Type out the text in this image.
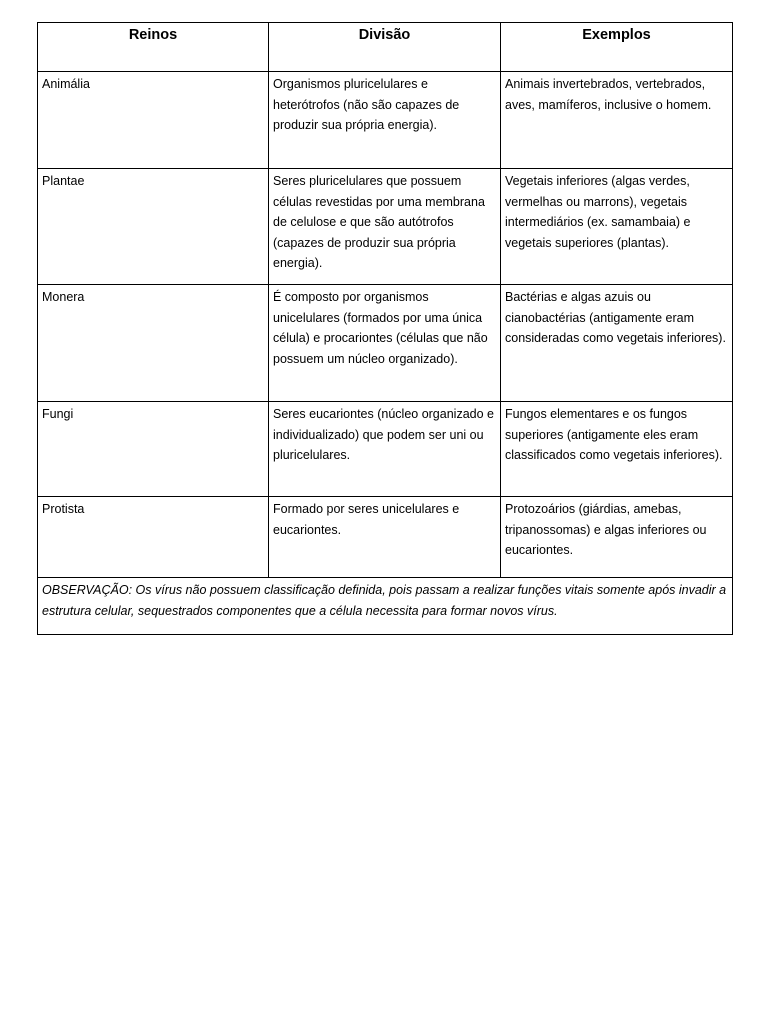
Reinos	Divisão	Exemplos
Animália	Organismos pluricelulares e heterótrofos (não são capazes de produzir sua própria energia).	Animais invertebrados, vertebrados, aves, mamíferos, inclusive o homem.
Plantae	Seres pluricelulares que possuem células revestidas por uma membrana de celulose e que são autótrofos (capazes de produzir sua própria energia).	Vegetais inferiores (algas verdes, vermelhas ou marrons), vegetais intermediários (ex. samambaia) e vegetais superiores (plantas).
Monera	É composto por organismos unicelulares (formados por uma única célula) e procariontes (células que não possuem um núcleo organizado).	Bactérias e algas azuis ou cianobactérias (antigamente eram consideradas como vegetais inferiores).
Fungi	Seres eucariontes (núcleo organizado e individualizado) que podem ser uni ou pluricelulares.	Fungos elementares e os fungos superiores (antigamente eles eram classificados como vegetais inferiores).
Protista	Formado por seres unicelulares e eucariontes.	Protozoários (giárdias, amebas, tripanossomas) e algas inferiores ou eucariontes.
OBSERVAÇÃO: Os vírus não possuem classificação definida, pois passam a realizar funções vitais somente após invadir a estrutura celular, sequestrados componentes que a célula necessita para formar novos vírus.		
